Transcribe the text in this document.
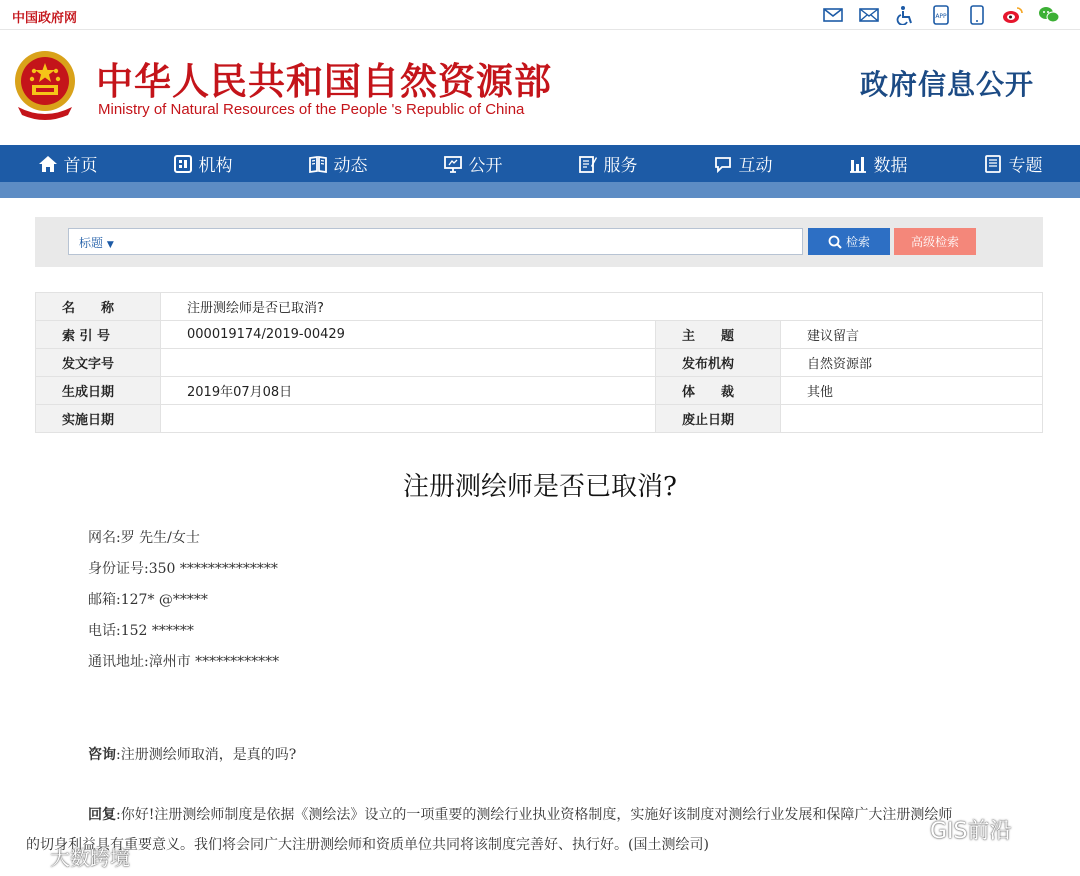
中国政府网	APP
中华人民共和国自然资源部
Ministry of Natural Resources of the People 's Republic of China
政府信息公开
首页	机构	动态	公开	服务	互动	数据	专题
标题 ▼	检索	高级检索
名　　称	注册测绘师是否已取消?		
索 引 号	000019174/2019-00429	主　　题	建议留言
发文字号		发布机构	自然资源部
生成日期	2019年07月08日	体　　裁	其他
实施日期		废止日期	
注册测绘师是否已取消?
网名:罗 先生/女士
身份证号:350 **************
邮箱:127* @*****
电话:152 ******
通讯地址:漳州市 ************
咨询:注册测绘师取消，是真的吗?
回复:你好!注册测绘师制度是依据《测绘法》设立的一项重要的测绘行业执业资格制度，实施好该制度对测绘行业发展和保障广大注册测绘师
的切身利益具有重要意义。我们将会同广大注册测绘师和资质单位共同将该制度完善好、执行好。(国土测绘司)
GIS前沿
大数跨境
